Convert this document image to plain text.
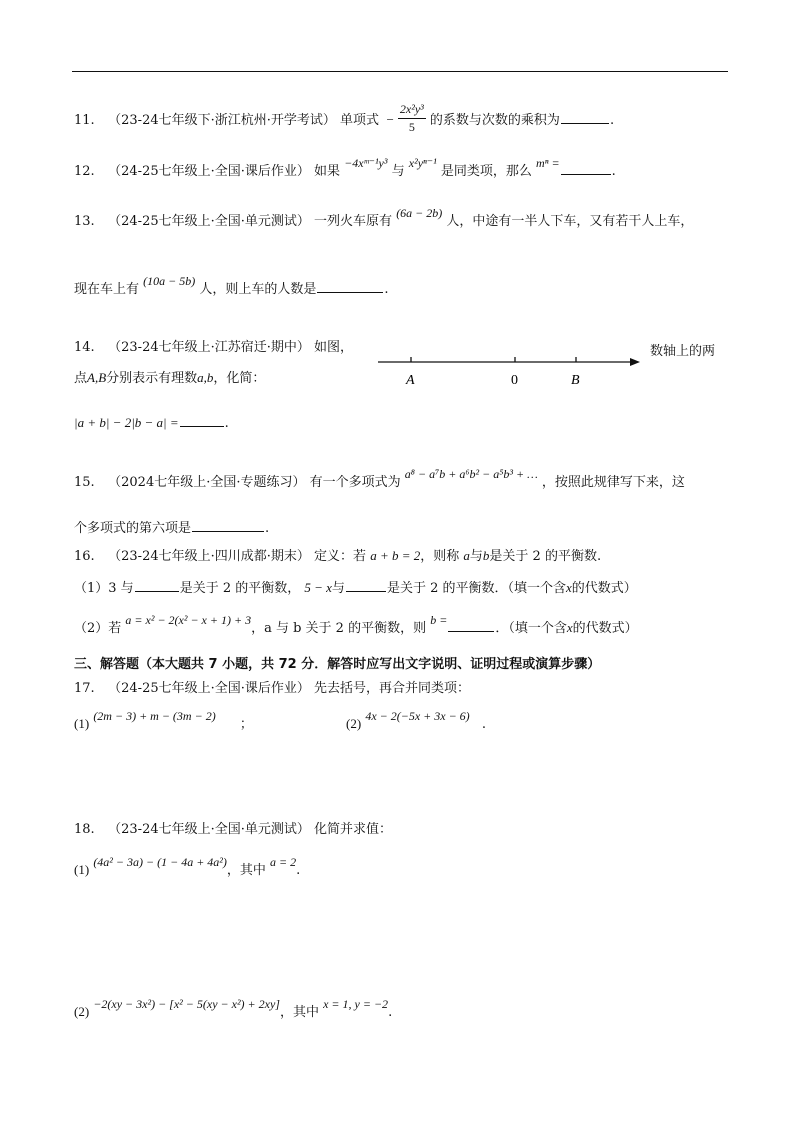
11. （23-24七年级下·浙江杭州·开学考试） 单项式  − $\frac{\text{2x²y³}}{5}$ 的系数与次数的乘积为	.
12. （24-25七年级上·全国·课后作业） 如果 −4xᵐ⁻¹y³ 与 x²yⁿ⁻¹ 是同类项，那么 mⁿ =.
13. （24-25七年级上·全国·单元测试） 一列火车原有 (6a − 2b) 人，中途有一半人下车，又有若干人上车，
现在车上有 (10a − 5b) 人，则上车的人数是	.
14. （23-24七年级上·江苏宿迁·期中） 如图，	数轴上的两
点A,B分别表示有理数a,b，化简：	A	0	B
|a + b| − 2|b − a| =	.
15. （2024七年级上·全国·专题练习） 有一个多项式为 a⁸ − a⁷b + a⁶b² − a⁵b³ + … ，按照此规律写下来，这
个多项式的第六项是	.
16. （23-24七年级上·四川成都·期末） 定义：若 a + b = 2，则称 a与b是关于 2 的平衡数.
（1）3 与	是关于 2 的平衡数， 5 − x与	是关于 2 的平衡数．（填一个含x的代数式）
（2）若 a = x² − 2(x² − x + 1) + 3，a 与 b 关于 2 的平衡数，则 b =．（填一个含x的代数式）
三、解答题（本大题共 7 小题，共 72 分．解答时应写出文字说明、证明过程或演算步骤）
17. （24-25七年级上·全国·课后作业） 先去括号，再合并同类项：
(1) (2m − 3) + m − (3m − 2) ；	(2) 4x − 2(−5x + 3x − 6) .
18. （23-24七年级上·全国·单元测试） 化简并求值：
(1) (4a² − 3a) − (1 − 4a + 4a²)，其中 a = 2.
(2) −2(xy − 3x²) − [x² − 5(xy − x²) + 2xy]，其中 x = 1, y = −2.
